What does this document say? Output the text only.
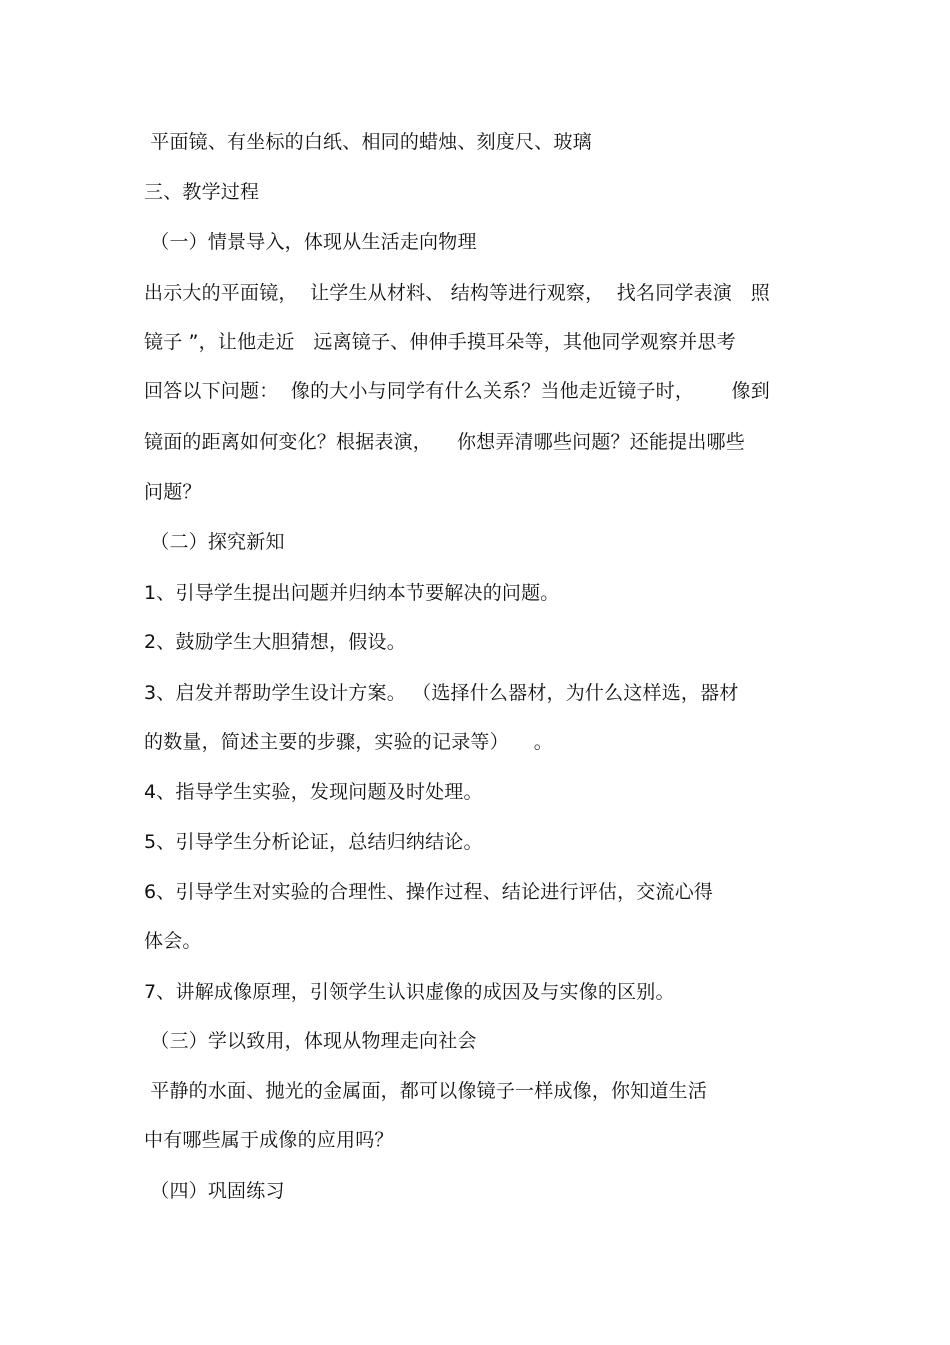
平面镜、有坐标的白纸、相同的蜡烛、刻度尺、玻璃
三、教学过程
（一）情景导入，体现从生活走向物理
出示大的平面镜，  让学生从材料、 结构等进行观察，  找名同学表演   照
镜子 ”，让他走近   远离镜子、伸伸手摸耳朵等，其他同学观察并思考
回答以下问题：  像的大小与同学有什么关系？当他走近镜子时，      像到
镜面的距离如何变化？根据表演，    你想弄清哪些问题？还能提出哪些
问题？
（二）探究新知
1、引导学生提出问题并归纳本节要解决的问题。
2、鼓励学生大胆猜想，假设。
3、启发并帮助学生设计方案。 （选择什么器材，为什么这样选，器材
的数量，简述主要的步骤，实验的记录等）    。
4、指导学生实验，发现问题及时处理。
5、引导学生分析论证，总结归纳结论。
6、引导学生对实验的合理性、操作过程、结论进行评估，交流心得
体会。
7、讲解成像原理，引领学生认识虚像的成因及与实像的区别。
（三）学以致用，体现从物理走向社会
平静的水面、抛光的金属面，都可以像镜子一样成像，你知道生活
中有哪些属于成像的应用吗？
（四）巩固练习
